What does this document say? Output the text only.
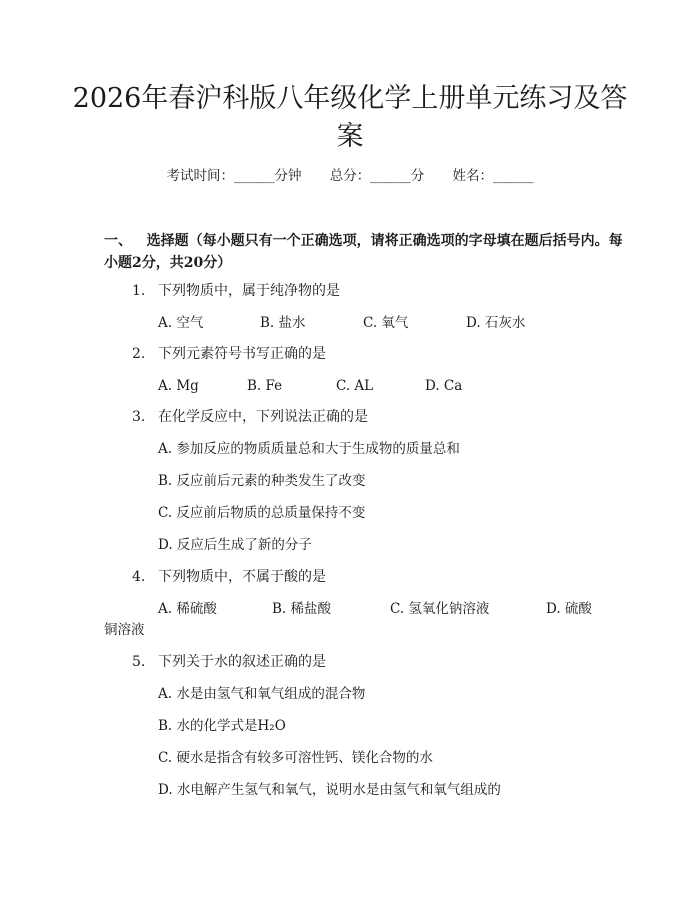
2026年春沪科版八年级化学上册单元练习及答案
考试时间：______分钟 总分：______分 姓名：______

一、 选择题（每小题只有一个正确选项，请将正确选项的字母填在题后括号内。每小题2分，共20分）

1. 下列物质中，属于纯净物的是
A. 空气	B. 盐水	C. 氧气	D. 石灰水
2. 下列元素符号书写正确的是
A. Mg	B. Fe	C. AL	D. Ca
3. 在化学反应中，下列说法正确的是
A. 参加反应的物质质量总和大于生成物的质量总和
B. 反应前后元素的种类发生了改变
C. 反应前后物质的总质量保持不变
D. 反应后生成了新的分子
4. 下列物质中，不属于酸的是
A. 稀硫酸	B. 稀盐酸	C. 氢氧化钠溶液	D. 硫酸
铜溶液
5. 下列关于水的叙述正确的是
A. 水是由氢气和氧气组成的混合物
B. 水的化学式是H₂O
C. 硬水是指含有较多可溶性钙、镁化合物的水
D. 水电解产生氢气和氧气，说明水是由氢气和氧气组成的
